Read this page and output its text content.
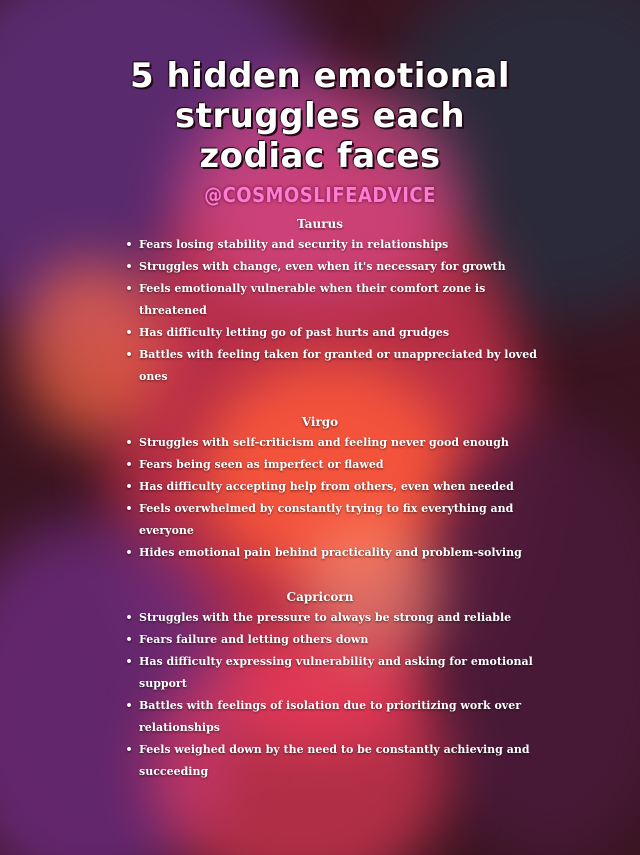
5 hidden emotional
struggles each
zodiac faces
@COSMOSLIFEADVICE
Taurus
• Fears losing stability and security in relationships
• Struggles with change, even when it's necessary for growth
• Feels emotionally vulnerable when their comfort zone is threatened
• Has difficulty letting go of past hurts and grudges
• Battles with feeling taken for granted or unappreciated by loved ones
Virgo
• Struggles with self-criticism and feeling never good enough
• Fears being seen as imperfect or flawed
• Has difficulty accepting help from others, even when needed
• Feels overwhelmed by constantly trying to fix everything and everyone
• Hides emotional pain behind practicality and problem-solving
Capricorn
• Struggles with the pressure to always be strong and reliable
• Fears failure and letting others down
• Has difficulty expressing vulnerability and asking for emotional support
• Battles with feelings of isolation due to prioritizing work over relationships
• Feels weighed down by the need to be constantly achieving and succeeding
